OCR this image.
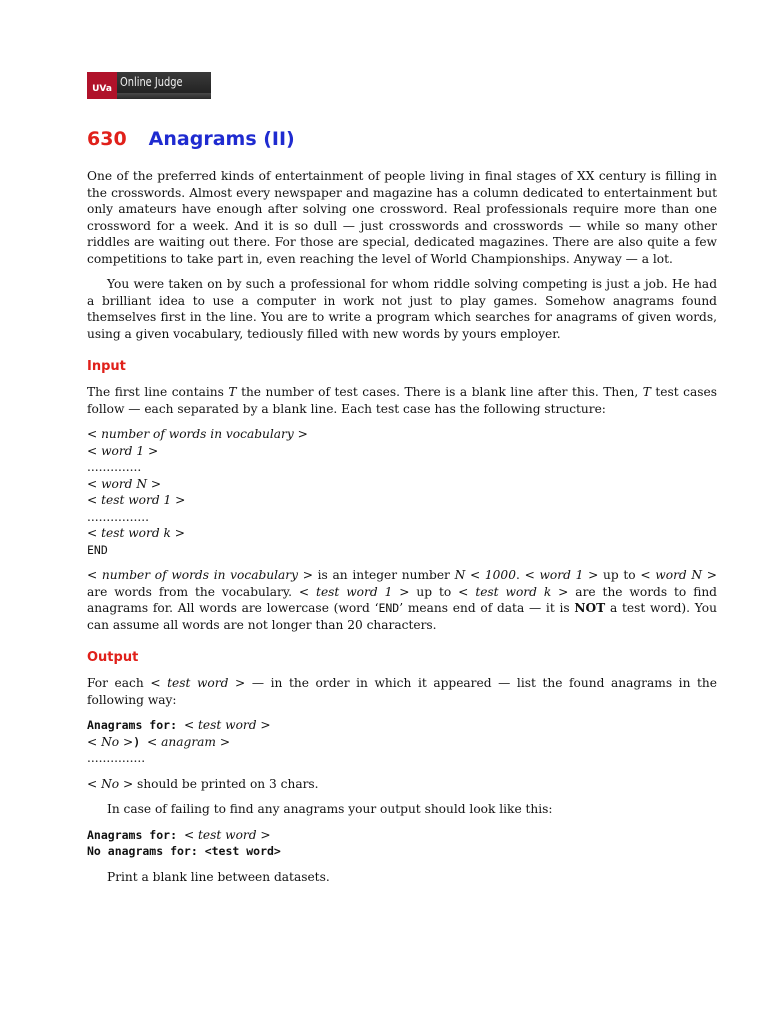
UVa Online Judge
630 Anagrams (II)

One of the preferred kinds of entertainment of people living in final stages of XX century is filling in the crosswords. Almost every newspaper and magazine has a column dedicated to entertainment but only amateurs have enough after solving one crossword. Real professionals require more than one crossword for a week. And it is so dull — just crosswords and crosswords — while so many other riddles are waiting out there. For those are special, dedicated magazines. There are also quite a few competitions to take part in, even reaching the level of World Championships. Anyway — a lot.

You were taken on by such a professional for whom riddle solving competing is just a job. He had a brilliant idea to use a computer in work not just to play games. Somehow anagrams found themselves first in the line. You are to write a program which searches for anagrams of given words, using a given vocabulary, tediously filled with new words by yours employer.

Input

The first line contains T the number of test cases. There is a blank line after this. Then, T test cases follow — each separated by a blank line. Each test case has the following structure:

< number of words in vocabulary >
< word 1 >
..............
< word N >
< test word 1 >
................
< test word k >
END

< number of words in vocabulary > is an integer number N < 1000. < word 1 > up to < word N > are words from the vocabulary. < test word 1 > up to < test word k > are the words to find anagrams for. All words are lowercase (word ‘END’ means end of data — it is NOT a test word). You can assume all words are not longer than 20 characters.

Output

For each < test word > — in the order in which it appeared — list the found anagrams in the following way:

Anagrams for: < test word >
< No >) < anagram >
...............

< No > should be printed on 3 chars.

In case of failing to find any anagrams your output should look like this:

Anagrams for: < test word >
No anagrams for: <test word>

Print a blank line between datasets.
